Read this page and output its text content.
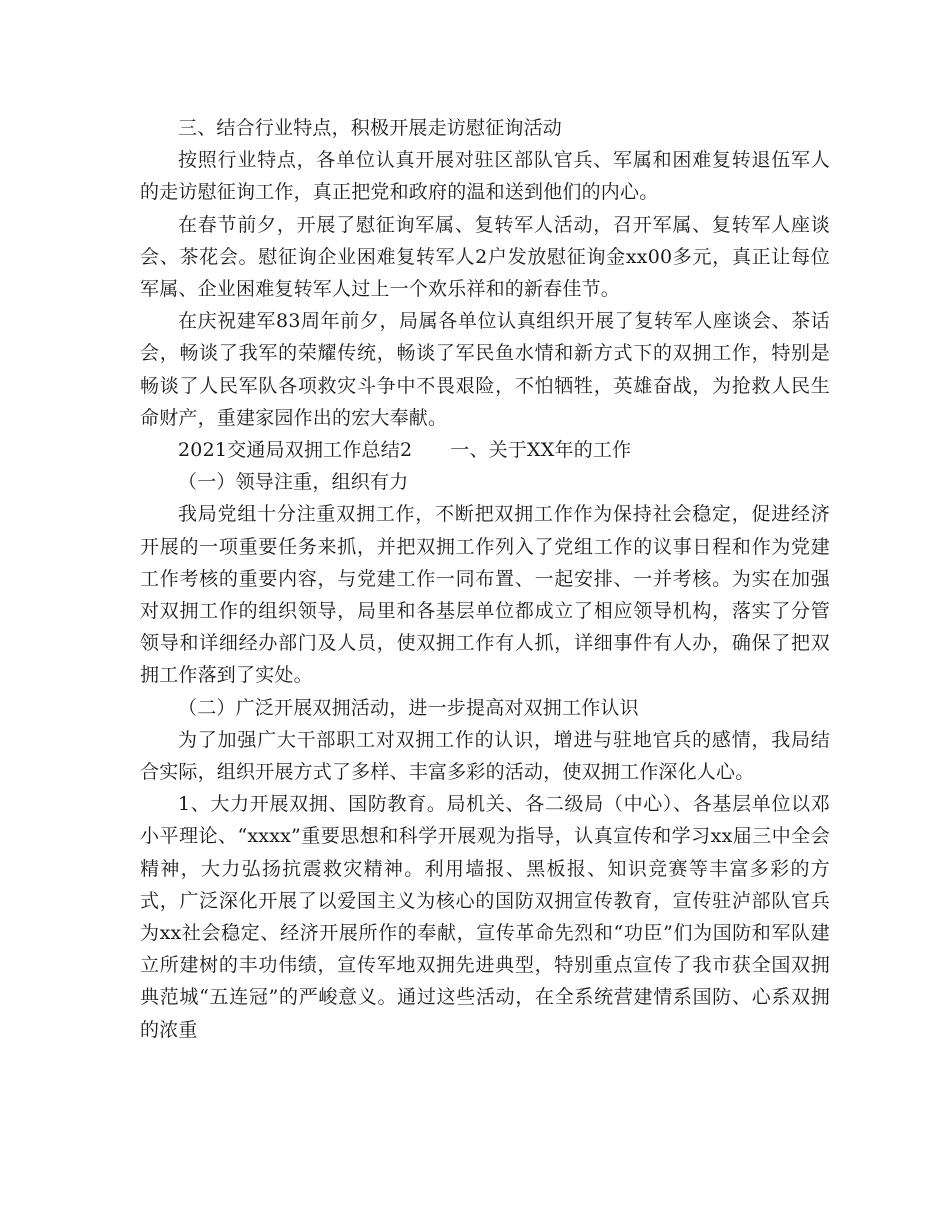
三、结合行业特点，积极开展走访慰征询活动

按照行业特点，各单位认真开展对驻区部队官兵、军属和困难复转退伍军人的走访慰征询工作，真正把党和政府的温和送到他们的内心。

在春节前夕，开展了慰征询军属、复转军人活动，召开军属、复转军人座谈会、茶花会。慰征询企业困难复转军人2户发放慰征询金xx00多元，真正让每位军属、企业困难复转军人过上一个欢乐祥和的新春佳节。

在庆祝建军83周年前夕，局属各单位认真组织开展了复转军人座谈会、茶话会，畅谈了我军的荣耀传统，畅谈了军民鱼水情和新方式下的双拥工作，特别是畅谈了人民军队各项救灾斗争中不畏艰险，不怕牺牲，英雄奋战，为抢救人民生命财产，重建家园作出的宏大奉献。

2021交通局双拥工作总结2 一、关于XX年的工作

（一）领导注重，组织有力

我局党组十分注重双拥工作，不断把双拥工作作为保持社会稳定，促进经济开展的一项重要任务来抓，并把双拥工作列入了党组工作的议事日程和作为党建工作考核的重要内容，与党建工作一同布置、一起安排、一并考核。为实在加强对双拥工作的组织领导，局里和各基层单位都成立了相应领导机构，落实了分管领导和详细经办部门及人员，使双拥工作有人抓，详细事件有人办，确保了把双拥工作落到了实处。

（二）广泛开展双拥活动，进一步提高对双拥工作认识

为了加强广大干部职工对双拥工作的认识，增进与驻地官兵的感情，我局结合实际，组织开展方式了多样、丰富多彩的活动，使双拥工作深化人心。

1、大力开展双拥、国防教育。局机关、各二级局（中心）、各基层单位以邓小平理论、“xxxx”重要思想和科学开展观为指导，认真宣传和学习xx届三中全会精神，大力弘扬抗震救灾精神。利用墙报、黑板报、知识竞赛等丰富多彩的方式，广泛深化开展了以爱国主义为核心的国防双拥宣传教育，宣传驻泸部队官兵为xx社会稳定、经济开展所作的奉献，宣传革命先烈和“功臣”们为国防和军队建立所建树的丰功伟绩，宣传军地双拥先进典型，特别重点宣传了我市获全国双拥典范城“五连冠”的严峻意义。通过这些活动，在全系统营建情系国防、心系双拥的浓重
